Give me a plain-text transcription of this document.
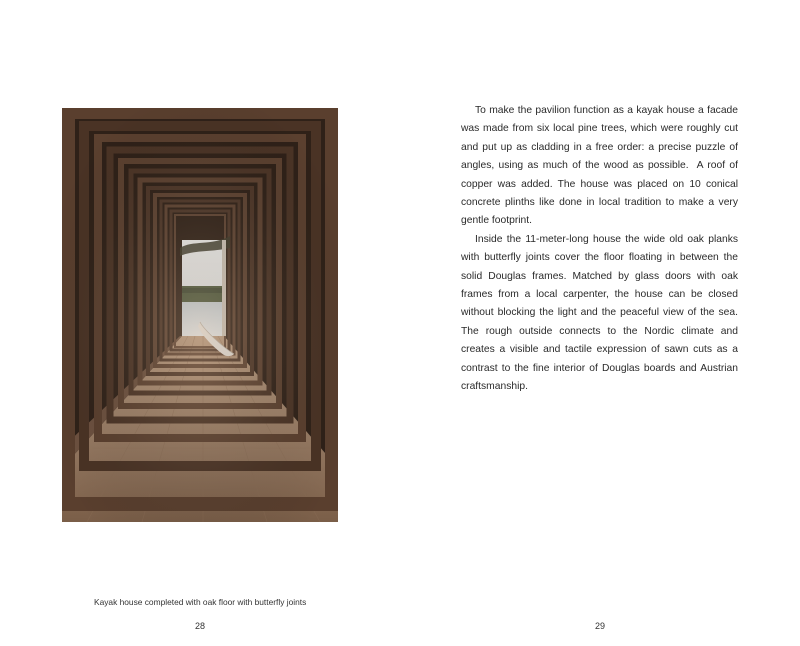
Kayak house completed with oak floor with butterfly joints
28

To make the pavilion function as a kayak house a facade was made from six local pine trees, which were roughly cut and put up as cladding in a free order: a precise puzzle of angles, using as much of the wood as possible.  A roof of copper was added. The house was placed on 10 conical concrete plinths like done in local tradition to make a very gentle footprint.

Inside the 11-meter-long house the wide old oak planks with butterfly joints cover the floor floating in between the solid Douglas frames. Matched by glass doors with oak frames from a local carpenter, the house can be closed without blocking the light and the peaceful view of the sea. The rough outside connects to the Nordic climate and creates a visible and tactile expression of sawn cuts as a contrast to the fine interior of Douglas boards and Austrian craftsmanship.

29
